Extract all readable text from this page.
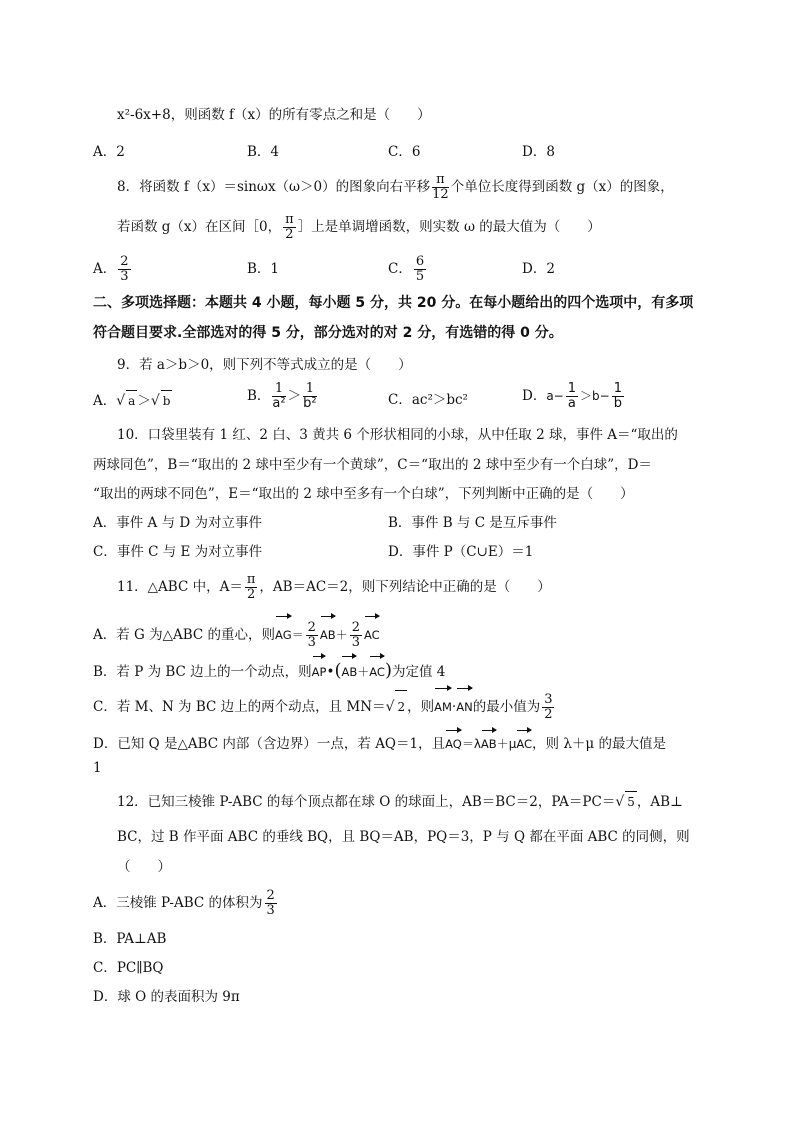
x²-6x+8，则函数 f（x）的所有零点之和是（　　）
A．2	B．4	C．6	D．8
8．将函数 f（x）＝sinωx（ω＞0）的图象向右平移 $\frac{\pi}{12}$ 个单位长度得到函数 g（x）的图象，
若函数 g（x）在区间［0， $\frac{\pi}{2}$ ］上是单调增函数，则实数 ω 的最大值为（　　）
A． $\frac{2}{3}$	B．1	C． $\frac{6}{5}$	D．2
二、多项选择题：本题共 4 小题，每小题 5 分，共 20 分。在每小题给出的四个选项中，有多项
符合题目要求.全部选对的得 5 分，部分选对的对 2 分，有选错的得 0 分。
9．若 a＞b＞0，则下列不等式成立的是（　　）
A．√ a ＞√ b	B． $\frac{1}{\text{a²}} > \frac{1}{\text{b²}}$	C．ac²＞bc²	D．$a- \frac{1}{a} >b- \frac{1}{b}$
10．口袋里装有 1 红、2 白、3 黄共 6 个形状相同的小球，从中任取 2 球，事件 A＝“取出的
两球同色”，B＝“取出的 2 球中至少有一个黄球”，C＝“取出的 2 球中至少有一个白球”，D＝
“取出的两球不同色”，E＝“取出的 2 球中至多有一个白球”，下列判断中正确的是（　　）
A．事件 A 与 D 为对立事件	B．事件 B 与 C 是互斥事件
C．事件 C 与 E 为对立事件	D．事件 P（C∪E）＝1
11．△ABC 中，$A= \frac{\pi}{2}$ ，AB＝AC＝2，则下列结论中正确的是（　　）
A．若 G 为△ABC 的重心，则$AG= \frac{2}{3} AB+ \frac{2}{3}$ AC
B．若 P 为 BC 边上的一个动点，则AP•(AB＋AC)为定值 4
C．若 M、N 为 BC 边上的两个动点，且 MN＝√ 2 ，则AM·AN的最小值为 $\frac{3}{2}$
D．已知 Q 是△ABC 内部（含边界）一点，若 AQ＝1，且AQ＝λAB＋μAC，则 λ＋μ 的最大值是
1
12．已知三棱锥 P-ABC 的每个顶点都在球 O 的球面上，AB＝BC＝2，PA＝PC＝√ 5 ，AB⊥
BC，过 B 作平面 ABC 的垂线 BQ，且 BQ＝AB，PQ＝3，P 与 Q 都在平面 ABC 的同侧，则
（　　）
A．三棱锥 P-ABC 的体积为 $\frac{2}{3}$
B．PA⊥AB
C．PC∥BQ
D．球 O 的表面积为 9π
